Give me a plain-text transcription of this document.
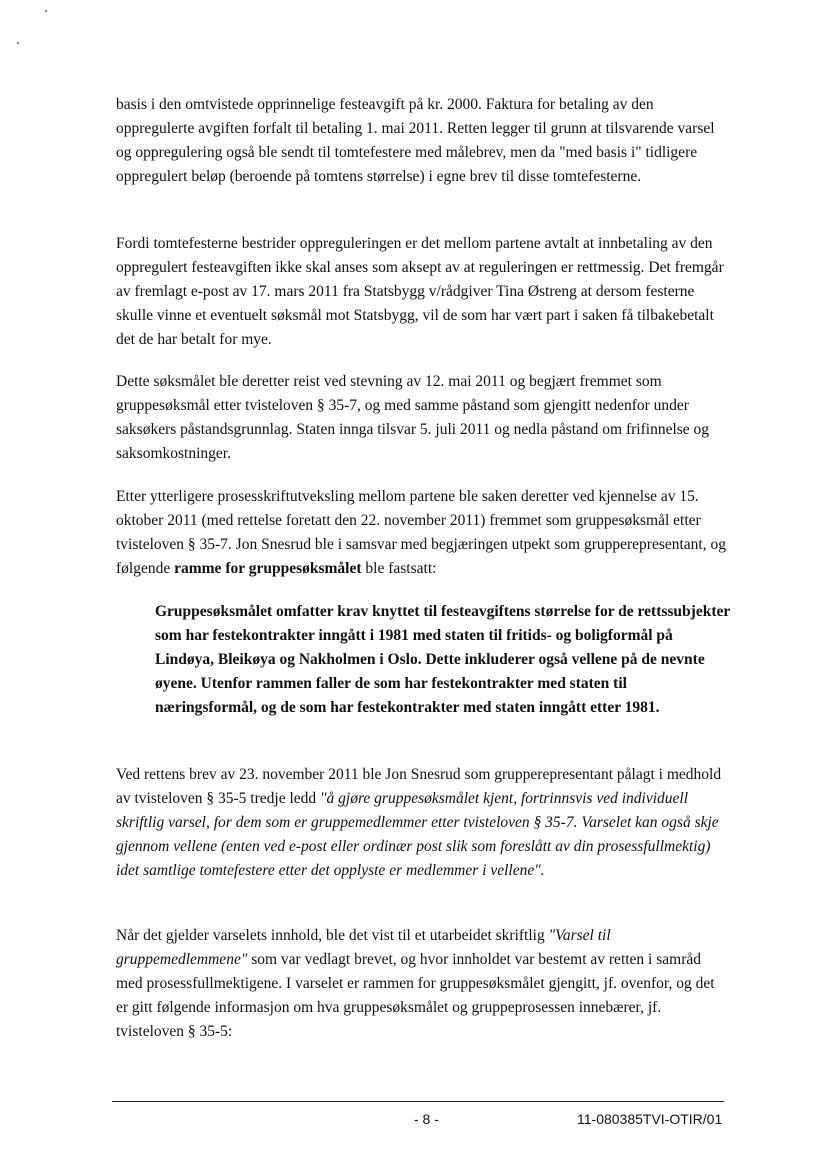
basis i den omtvistede opprinnelige festeavgift på kr. 2000. Faktura for betaling av den oppregulerte avgiften forfalt til betaling 1. mai 2011. Retten legger til grunn at tilsvarende varsel og oppregulering også ble sendt til tomtefestere med målebrev, men da "med basis i" tidligere oppregulert beløp (beroende på tomtens størrelse) i egne brev til disse tomtefesterne.

Fordi tomtefesterne bestrider oppreguleringen er det mellom partene avtalt at innbetaling av den oppregulert festeavgiften ikke skal anses som aksept av at reguleringen er rettmessig. Det fremgår av fremlagt e-post av 17. mars 2011 fra Statsbygg v/rådgiver Tina Østreng at dersom festerne skulle vinne et eventuelt søksmål mot Statsbygg, vil de som har vært part i saken få tilbakebetalt det de har betalt for mye.

Dette søksmålet ble deretter reist ved stevning av 12. mai 2011 og begjært fremmet som gruppesøksmål etter tvisteloven § 35-7, og med samme påstand som gjengitt nedenfor under saksøkers påstandsgrunnlag. Staten innga tilsvar 5. juli 2011 og nedla påstand om frifinnelse og saksomkostninger.

Etter ytterligere prosesskriftutveksling mellom partene ble saken deretter ved kjennelse av 15. oktober 2011 (med rettelse foretatt den 22. november 2011) fremmet som gruppesøksmål etter tvisteloven § 35-7. Jon Snesrud ble i samsvar med begjæringen utpekt som grupperepresentant, og følgende ramme for gruppesøksmålet ble fastsatt:

Gruppesøksmålet omfatter krav knyttet til festeavgiftens størrelse for de rettssubjekter som har festekontrakter inngått i 1981 med staten til fritids- og boligformål på Lindøya, Bleikøya og Nakholmen i Oslo. Dette inkluderer også vellene på de nevnte øyene. Utenfor rammen faller de som har festekontrakter med staten til næringsformål, og de som har festekontrakter med staten inngått etter 1981.

Ved rettens brev av 23. november 2011 ble Jon Snesrud som grupperepresentant pålagt i medhold av tvisteloven § 35-5 tredje ledd "å gjøre gruppesøksmålet kjent, fortrinnsvis ved individuell skriftlig varsel, for dem som er gruppemedlemmer etter tvisteloven § 35-7. Varselet kan også skje gjennom vellene (enten ved e-post eller ordinær post slik som foreslått av din prosessfullmektig) idet samtlige tomtefestere etter det opplyste er medlemmer i vellene".

Når det gjelder varselets innhold, ble det vist til et utarbeidet skriftlig "Varsel til gruppemedlemmene" som var vedlagt brevet, og hvor innholdet var bestemt av retten i samråd med prosessfullmektigene. I varselet er rammen for gruppesøksmålet gjengitt, jf. ovenfor, og det er gitt følgende informasjon om hva gruppesøksmålet og gruppeprosessen innebærer, jf. tvisteloven § 35-5:

- 8 -	11-080385TVI-OTIR/01
